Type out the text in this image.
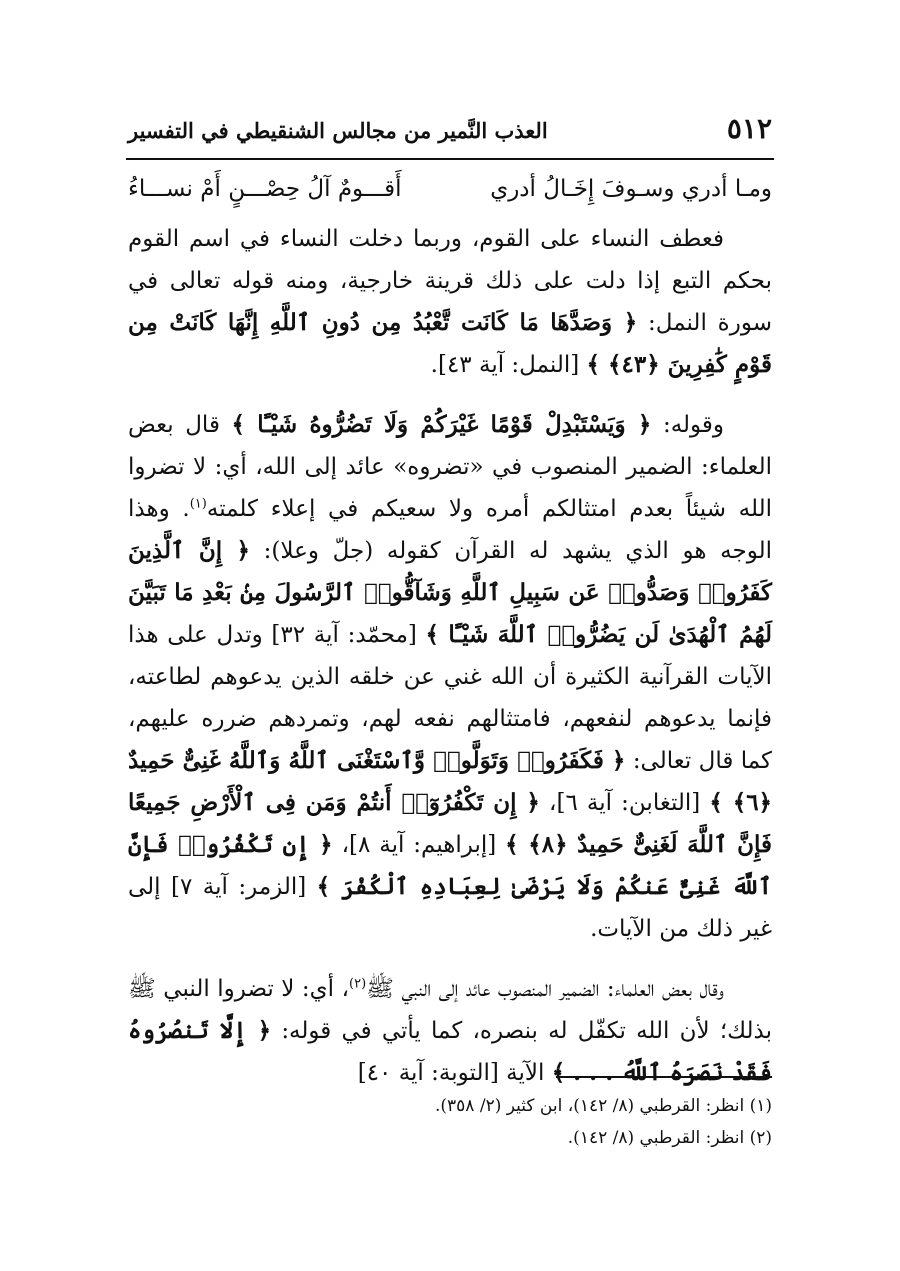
٥١٢
العذب النَّمير من مجالس الشنقيطي في التفسير
ومـا أدري وسـوفَ إِخَـالُ أدري
أَقـــومٌ آلُ حِصْـــنٍ أَمْ نســـاءُ

فعطف النساء على القوم، وربما دخلت النساء في اسم القوم بحكم التبع إذا دلت على ذلك قرينة خارجية، ومنه قوله تعالى في سورة النمل: ﴿ وَصَدَّهَا مَا كَانَت تَّعْبُدُ مِن دُونِ ٱللَّهِ إِنَّهَا كَانَتْ مِن قَوْمٍ كَٰفِرِينَ ﴿٤٣﴾ ﴾ [النمل: آية ٤٣].

وقوله: ﴿ وَيَسْتَبْدِلْ قَوْمًا غَيْرَكُمْ وَلَا تَضُرُّوهُ شَيْـًٔا ﴾ قال بعض العلماء: الضمير المنصوب في «تضروه» عائد إلى الله، أي: لا تضروا الله شيئاً بعدم امتثالكم أمره ولا سعيكم في إعلاء كلمته$^{(١)}$. وهذا الوجه هو الذي يشهد له القرآن كقوله (جلّ وعلا): ﴿ إِنَّ ٱلَّذِينَ كَفَرُوا۟ وَصَدُّوا۟ عَن سَبِيلِ ٱللَّهِ وَشَآقُّوا۟ ٱلرَّسُولَ مِنۢ بَعْدِ مَا تَبَيَّنَ لَهُمُ ٱلْهُدَىٰ لَن يَضُرُّوا۟ ٱللَّهَ شَيْـًٔا ﴾ [محمّد: آية ٣٢] وتدل على هذا الآيات القرآنية الكثيرة أن الله غني عن خلقه الذين يدعوهم لطاعته، فإنما يدعوهم لنفعهم، فامتثالهم نفعه لهم، وتمردهم ضرره عليهم، كما قال تعالى: ﴿ فَكَفَرُوا۟ وَتَوَلَّوا۟ وَّٱسْتَغْنَى ٱللَّهُ وَٱللَّهُ غَنِىٌّ حَمِيدٌ ﴿٦﴾ ﴾ [التغابن: آية ٦]، ﴿ إِن تَكْفُرُوٓا۟ أَنتُمْ وَمَن فِى ٱلْأَرْضِ جَمِيعًا فَإِنَّ ٱللَّهَ لَغَنِىٌّ حَمِيدٌ ﴿٨﴾ ﴾ [إبراهيم: آية ٨]، ﴿ إِن تَكْفُرُوا۟ فَإِنَّ ٱللَّهَ غَنِىٌّ عَنكُمْ وَلَا يَرْضَىٰ لِعِبَادِهِ ٱلْكُفْرَ ﴾ [الزمر: آية ٧] إلى غير ذلك من الآيات.

وقال بعض العلماء: الضمير المنصوب عائد إلى النبي ﷺ$^{(٢)}$، أي: لا تضروا النبي ﷺ بذلك؛ لأن الله تكفّل له بنصره، كما يأتي في قوله: ﴿ إِلَّا تَنصُرُوهُ فَقَدْ نَصَرَهُ ٱللَّهُ . . . ﴾ الآية [التوبة: آية ٤٠]

(١) انظر: القرطبي (٨/ ١٤٢)، ابن كثير (٢/ ٣٥٨).
(٢) انظر: القرطبي (٨/ ١٤٢).
